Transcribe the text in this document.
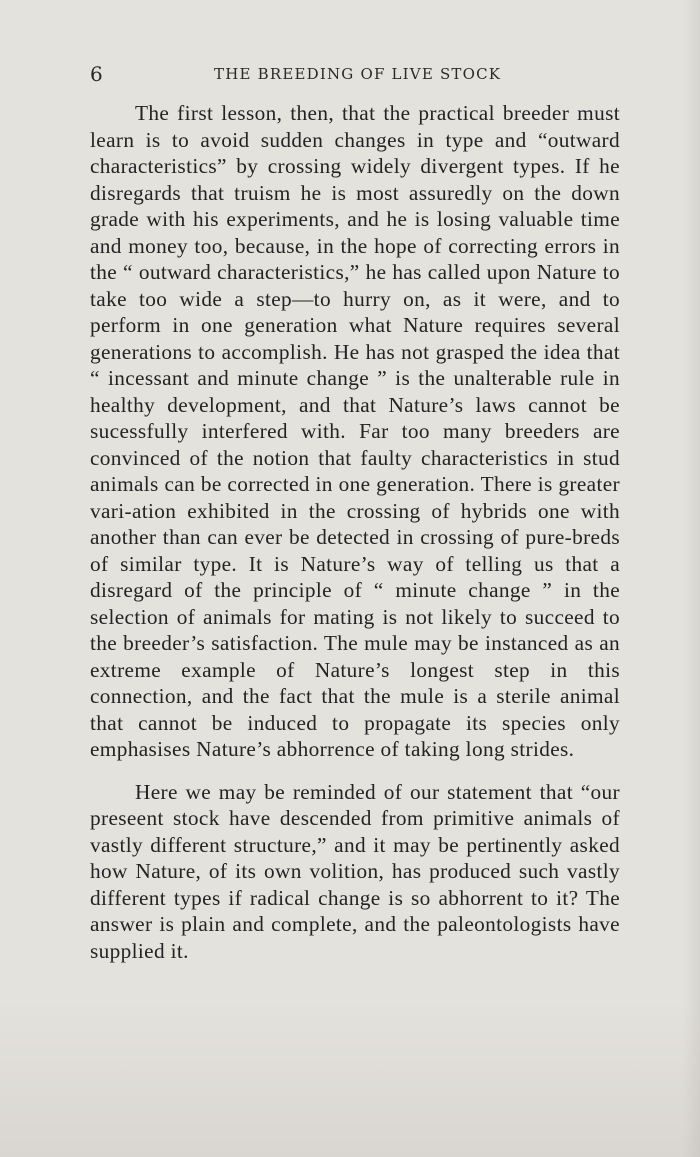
6	THE BREEDING OF LIVE STOCK

The first lesson, then, that the practical breeder must learn is to avoid sudden changes in type and “outward characteristics” by crossing widely divergent types. If he disregards that truism he is most assuredly on the down grade with his experiments, and he is losing valuable time and money too, because, in the hope of correcting errors in the “ outward characteristics,” he has called upon Nature to take too wide a step—to hurry on, as it were, and to perform in one generation what Nature requires several generations to accomplish. He has not grasped the idea that “ incessant and minute change ” is the unalterable rule in healthy development, and that Nature’s laws cannot be sucessfully interfered with. Far too many breeders are convinced of the notion that faulty characteristics in stud animals can be corrected in one generation. There is greater vari-ation exhibited in the crossing of hybrids one with another than can ever be detected in crossing of pure-breds of similar type. It is Nature’s way of telling us that a disregard of the principle of “ minute change ” in the selection of animals for mating is not likely to succeed to the breeder’s satisfaction. The mule may be instanced as an extreme example of Nature’s longest step in this connection, and the fact that the mule is a sterile animal that cannot be induced to propagate its species only emphasises Nature’s abhorrence of taking long strides.

Here we may be reminded of our statement that “our preseent stock have descended from primitive animals of vastly different structure,” and it may be pertinently asked how Nature, of its own volition, has produced such vastly different types if radical change is so abhorrent to it? The answer is plain and complete, and the paleontologists have supplied it.
